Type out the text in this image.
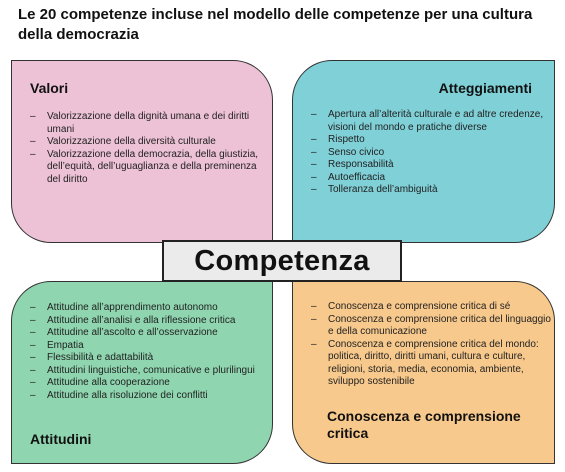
Le 20 competenze incluse nel modello delle competenze per una cultura della democrazia
Valori
– Valorizzazione della dignità umana e dei diritti umani
– Valorizzazione della diversità culturale
– Valorizzazione della democrazia, della giustizia, dell’equità, dell’uguaglianza e della preminenza del diritto
Atteggiamenti
– Apertura all’alterità culturale e ad altre credenze, visioni del mondo e pratiche diverse
– Rispetto
– Senso civico
– Responsabilità
– Autoefficacia
– Tolleranza dell’ambiguità
– Attitudine all’apprendimento autonomo
– Attitudine all’analisi e alla riflessione critica
– Attitudine all’ascolto e all’osservazione
– Empatia
– Flessibilità e adattabilità
– Attitudini linguistiche, comunicative e plurilingui
– Attitudine alla cooperazione
– Attitudine alla risoluzione dei conflitti
Attitudini
– Conoscenza e comprensione critica di sé
– Conoscenza e comprensione critica del linguaggio e della comunicazione
– Conoscenza e comprensione critica del mondo: politica, diritto, diritti umani, cultura e culture, religioni, storia, media, economia, ambiente, sviluppo sostenibile
Conoscenza e comprensione critica
Competenza
